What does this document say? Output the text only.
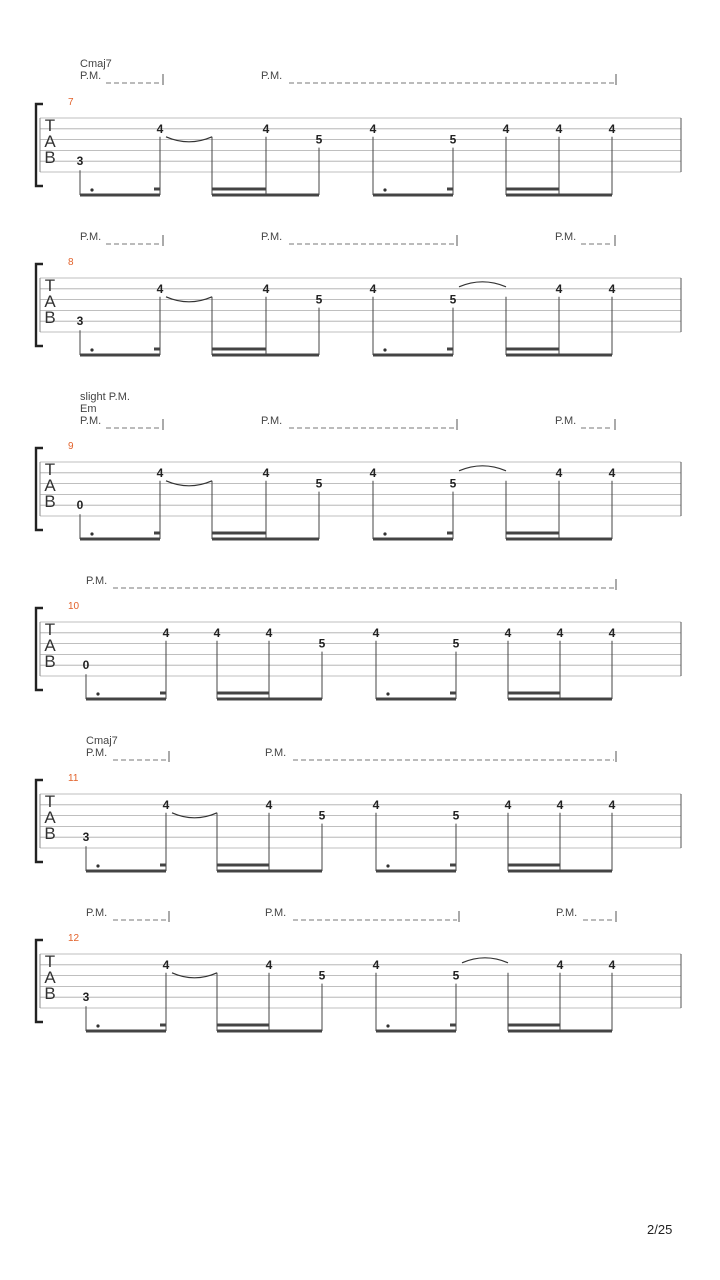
T
A
B
7
Cmaj7
P.M.	P.M.
3
4	4
5
4
5
4	4	4
T
A
B
8
P.M.	P.M.	P.M.
3
4	4
5
4
5
4	4
T
A
B
9
slight P.M.
Em
P.M.	P.M.	P.M.
0
4	4
5
4
5
4	4
T
A
B
10
P.M.
0
4	4	4
5
4
5
4	4	4
T
A
B
11
Cmaj7
P.M.	P.M.
3
4	4
5
4
5
4	4	4
T
A
B
12
P.M.	P.M.	P.M.
3
4	4
5
4
5
4	4
2/25
